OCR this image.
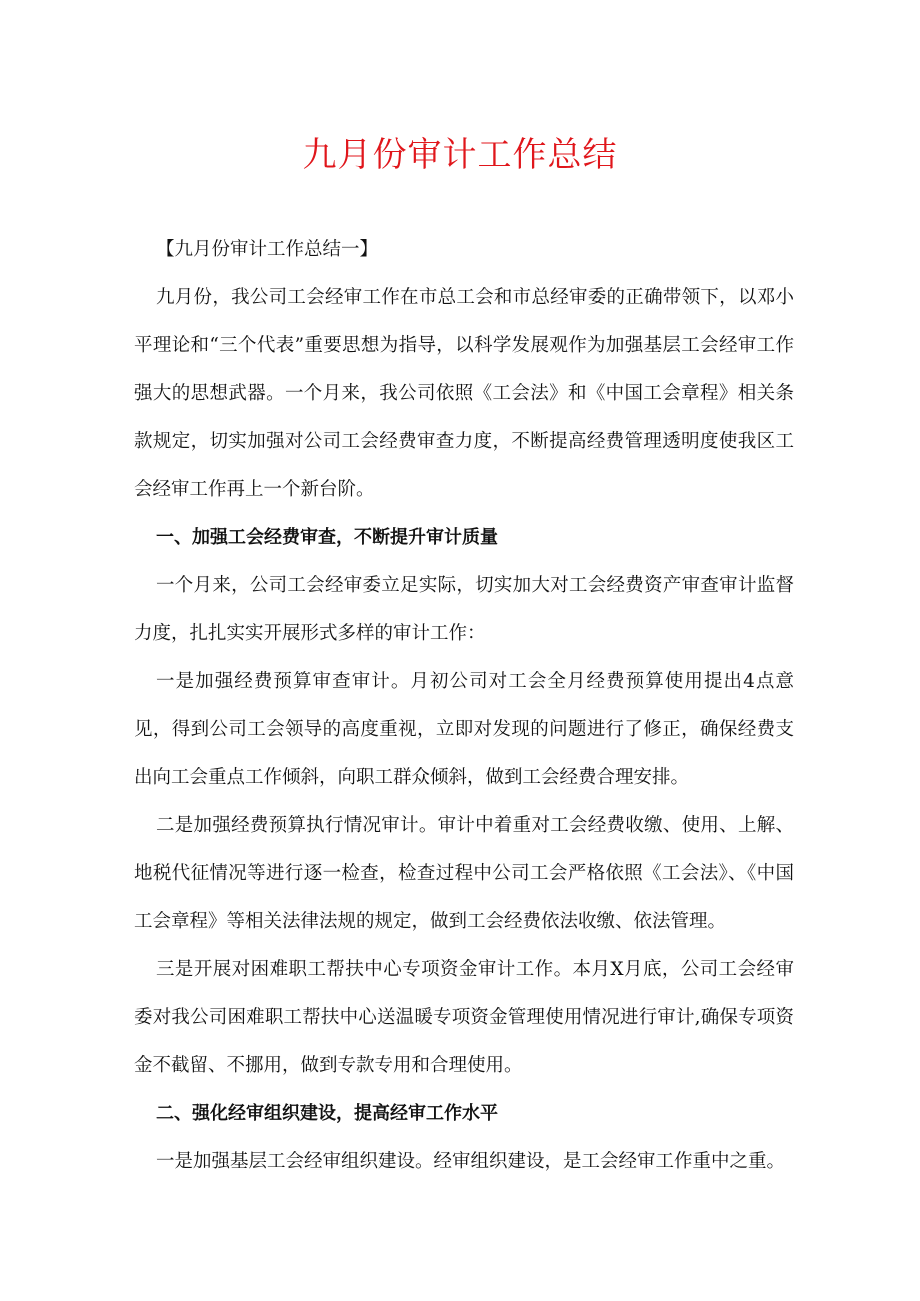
九月份审计工作总结

【九月份审计工作总结一】

九月份，我公司工会经审工作在市总工会和市总经审委的正确带领下，以邓小平理论和“三个代表”重要思想为指导，以科学发展观作为加强基层工会经审工作强大的思想武器。一个月来，我公司依照《工会法》和《中国工会章程》相关条款规定，切实加强对公司工会经费审查力度，不断提高经费管理透明度使我区工会经审工作再上一个新台阶。

一、加强工会经费审查，不断提升审计质量

一个月来，公司工会经审委立足实际，切实加大对工会经费资产审查审计监督力度，扎扎实实开展形式多样的审计工作：

一是加强经费预算审查审计。月初公司对工会全月经费预算使用提出4点意见，得到公司工会领导的高度重视，立即对发现的问题进行了修正，确保经费支出向工会重点工作倾斜，向职工群众倾斜，做到工会经费合理安排。

二是加强经费预算执行情况审计。审计中着重对工会经费收缴、使用、上解、地税代征情况等进行逐一检查，检查过程中公司工会严格依照《工会法》、《中国工会章程》等相关法律法规的规定，做到工会经费依法收缴、依法管理。

三是开展对困难职工帮扶中心专项资金审计工作。本月X月底，公司工会经审委对我公司困难职工帮扶中心送温暖专项资金管理使用情况进行审计,确保专项资金不截留、不挪用，做到专款专用和合理使用。

二、强化经审组织建设，提高经审工作水平

一是加强基层工会经审组织建设。经审组织建设，是工会经审工作重中之重。
